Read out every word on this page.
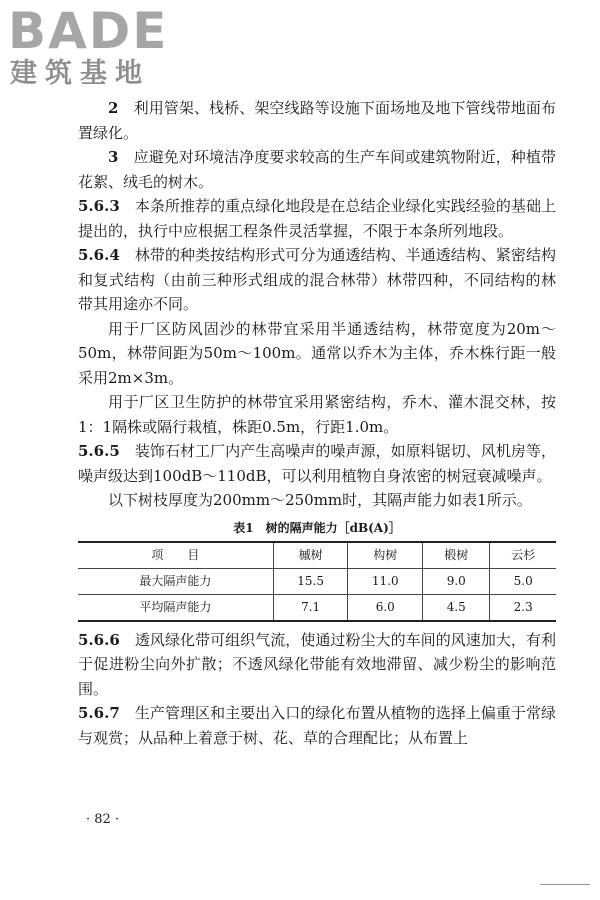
BADE
建筑基地

2　 利用管架、栈桥、架空线路等设施下面场地及地下管线带地面布置绿化。

3　 应避免对环境洁净度要求较高的生产车间或建筑物附近，种植带花絮、绒毛的树木。

5.6.3　 本条所推荐的重点绿化地段是在总结企业绿化实践经验的基础上提出的，执行中应根据工程条件灵活掌握，不限于本条所列地段。

5.6.4　 林带的种类按结构形式可分为通透结构、半通透结构、紧密结构和复式结构（由前三种形式组成的混合林带）林带四种，不同结构的林带其用途亦不同。

用于厂区防风固沙的林带宜采用半通透结构，林带宽度为20m～50m，林带间距为50m～100m。通常以乔木为主体，乔木株行距一般采用2m×3m。

用于厂区卫生防护的林带宜采用紧密结构，乔木、灌木混交林，按1：1隔株或隔行栽植，株距0.5m，行距1.0m。

5.6.5　 装饰石材工厂内产生高噪声的噪声源，如原料锯切、风机房等，噪声级达到100dB～110dB，可以利用植物自身浓密的树冠衰减噪声。

以下树枝厚度为200mm～250mm时，其隔声能力如表1所示。

表1　树的隔声能力［dB(A)］
项　　目	槭树	构树	椴树	云杉
最大隔声能力	15.5	11.0	9.0	5.0
平均隔声能力	7.1	6.0	4.5	2.3

5.6.6　 透风绿化带可组织气流，使通过粉尘大的车间的风速加大，有利于促进粉尘向外扩散；不透风绿化带能有效地滞留、减少粉尘的影响范围。

5.6.7　 生产管理区和主要出入口的绿化布置从植物的选择上偏重于常绿与观赏；从品种上着意于树、花、草的合理配比；从布置上

· 82 ·
